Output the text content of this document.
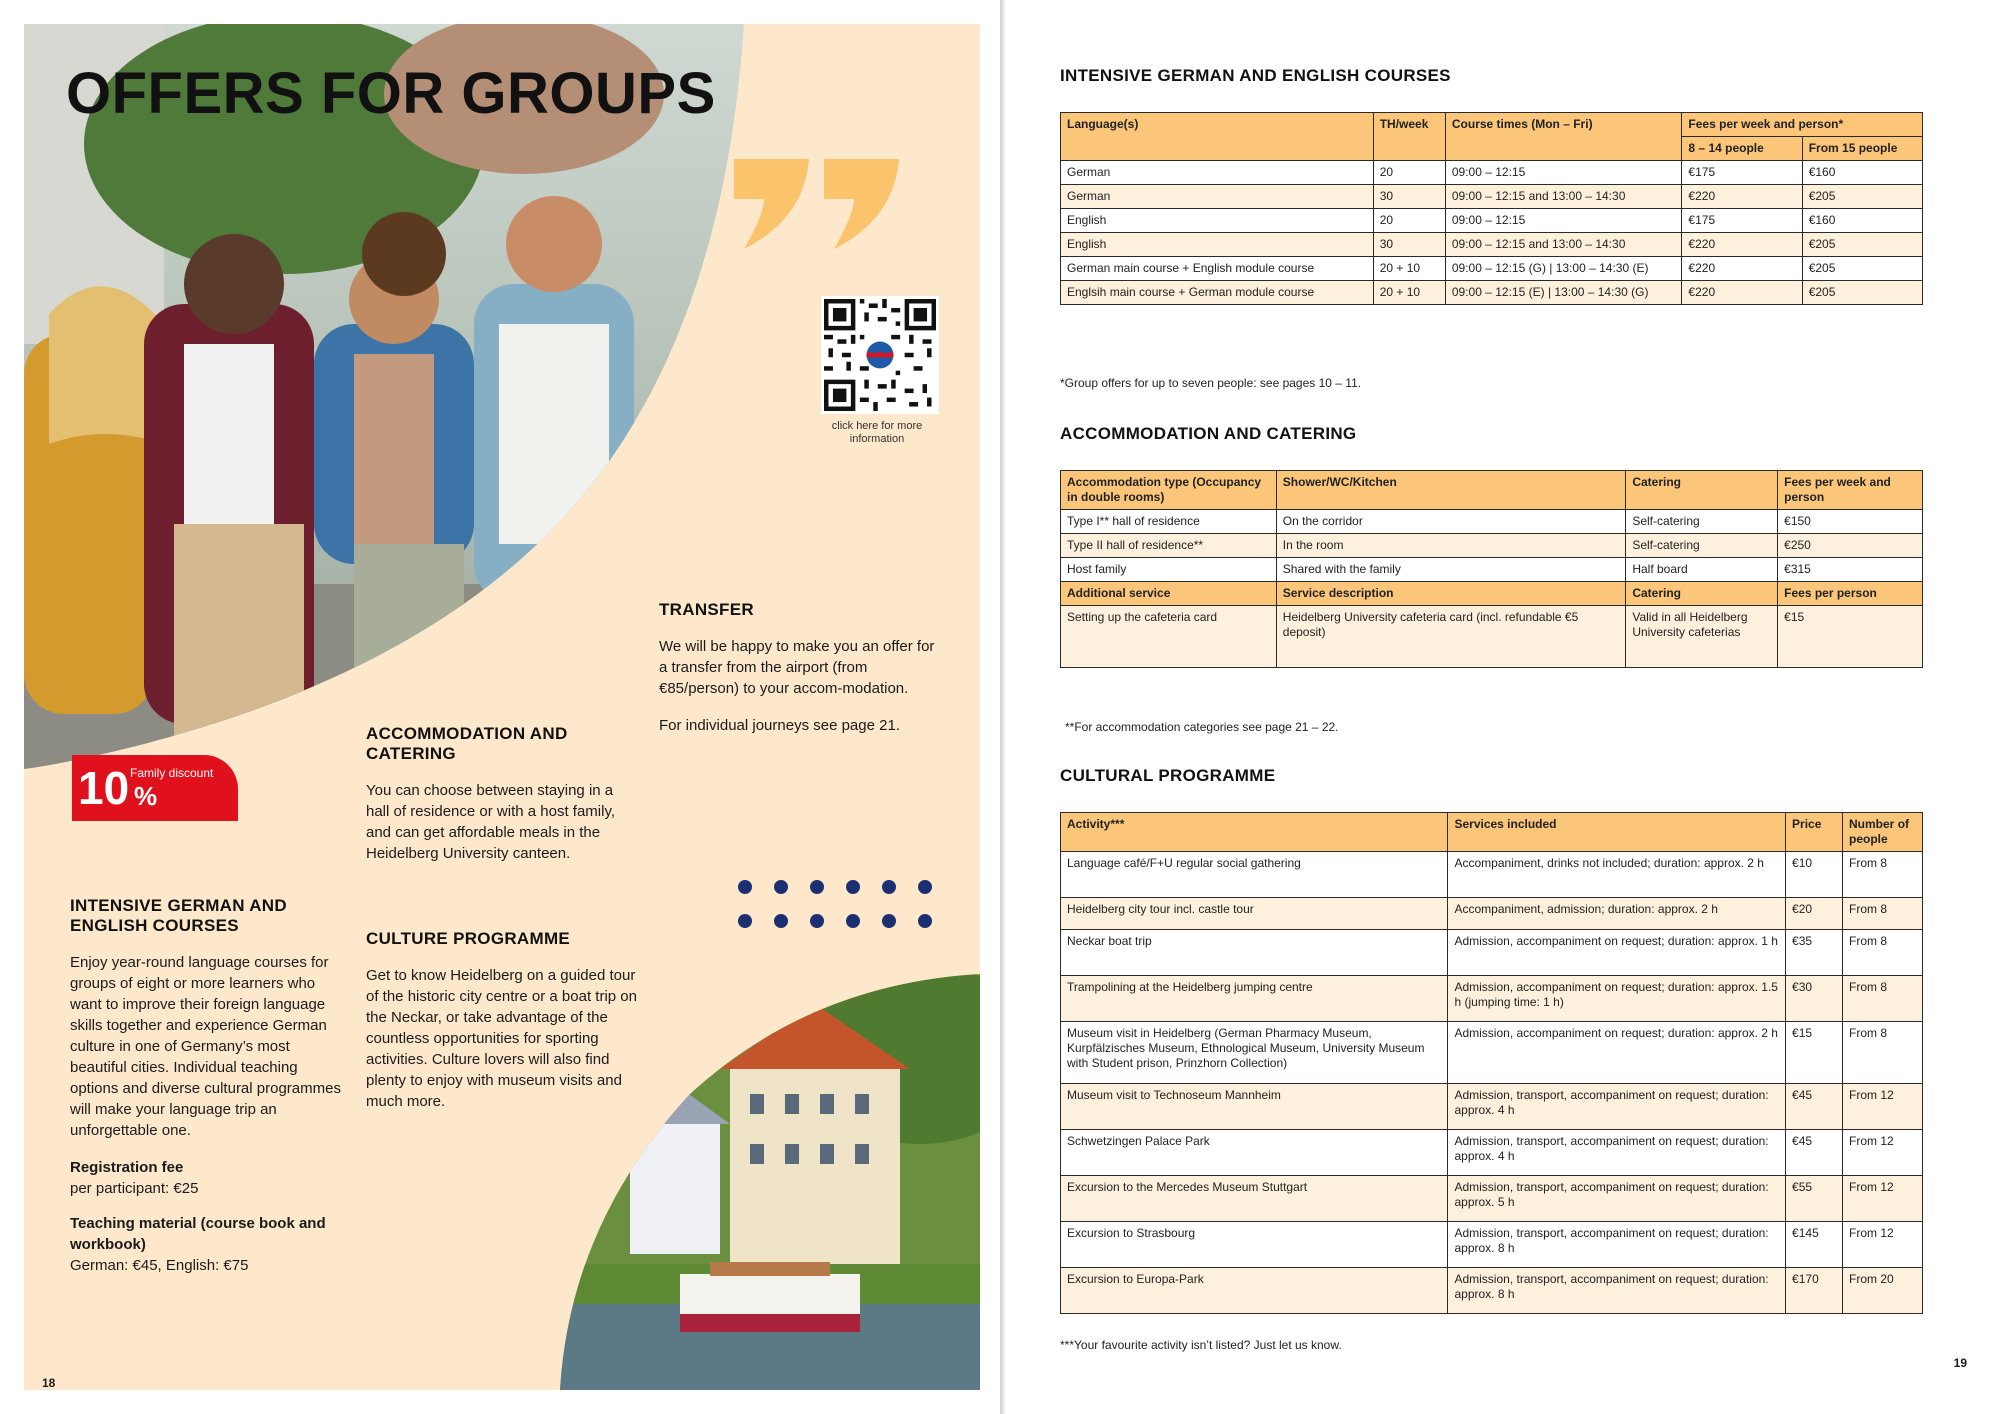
OFFERS FOR GROUPS
click here for more information
10 %
Family discount
TRANSFER

We will be happy to make you an offer for a transfer from the airport (from €85/person) to your accom-modation.

For individual journeys see page 21.

ACCOMMODATION AND CATERING

You can choose between staying in a hall of residence or with a host family, and can get affordable meals in the Heidelberg University canteen.

CULTURE PROGRAMME

Get to know Heidelberg on a guided tour of the historic city centre or a boat trip on the Neckar, or take advantage of the countless opportunities for sporting activities. Culture lovers will also find plenty to enjoy with museum visits and much more.

INTENSIVE GERMAN AND ENGLISH COURSES

Enjoy year-round language courses for groups of eight or more learners who want to improve their foreign language skills together and experience German culture in one of Germany’s most beautiful cities. Individual teaching options and diverse cultural programmes will make your language trip an unforgettable one.

Registration fee
per participant: €25

Teaching material (course book and workbook)
German: €45, English: €75

18
INTENSIVE GERMAN AND ENGLISH COURSES
Language(s)	TH/week	Course times (Mon – Fri)	Fees per week and person*	
			8 – 14 people	From 15 people
German	20	09:00 – 12:15	€175	€160
German	30	09:00 – 12:15 and 13:00 – 14:30	€220	€205
English	20	09:00 – 12:15	€175	€160
English	30	09:00 – 12:15 and 13:00 – 14:30	€220	€205
German main course + English module course	20 + 10	09:00 – 12:15 (G) | 13:00 – 14:30 (E)	€220	€205
Englsih main course + German module course	20 + 10	09:00 – 12:15 (E) | 13:00 – 14:30 (G)	€220	€205
*Group offers for up to seven people: see pages 10 – 11.
ACCOMMODATION AND CATERING
Accommodation type (Occupancy in double rooms)	Shower/WC/Kitchen	Catering	Fees per week and person
Type I** hall of residence	On the corridor	Self-catering	€150
Type II hall of residence**	In the room	Self-catering	€250
Host family	Shared with the family	Half board	€315
Additional service	Service description	Catering	Fees per person
Setting up the cafeteria card	Heidelberg University cafeteria card (incl. refundable €5 deposit)	Valid in all Heidelberg University cafeterias	€15
**For accommodation categories see page 21 – 22.
CULTURAL PROGRAMME
Activity***	Services included	Price	Number of people
Language café/F+U regular social gathering	Accompaniment, drinks not included; duration: approx. 2 h	€10	From 8
Heidelberg city tour incl. castle tour	Accompaniment, admission; duration: approx. 2 h	€20	From 8
Neckar boat trip	Admission, accompaniment on request; duration: approx. 1 h	€35	From 8
Trampolining at the Heidelberg jumping centre	Admission, accompaniment on request; duration: approx. 1.5 h (jumping time: 1 h)	€30	From 8
Museum visit in Heidelberg (German Pharmacy Museum, Kurpfälzisches Museum, Ethnological Museum, University Museum with Student prison, Prinzhorn Collection)	Admission, accompaniment on request; duration: approx. 2 h	€15	From 8
Museum visit to Technoseum Mannheim	Admission, transport, accompaniment on request; duration: approx. 4 h	€45	From 12
Schwetzingen Palace Park	Admission, transport, accompaniment on request; duration: approx. 4 h	€45	From 12
Excursion to the Mercedes Museum Stuttgart	Admission, transport, accompaniment on request; duration: approx. 5 h	€55	From 12
Excursion to Strasbourg	Admission, transport, accompaniment on request; duration: approx. 8 h	€145	From 12
Excursion to Europa-Park	Admission, transport, accompaniment on request; duration: approx. 8 h	€170	From 20
***Your favourite activity isn’t listed? Just let us know.
19
